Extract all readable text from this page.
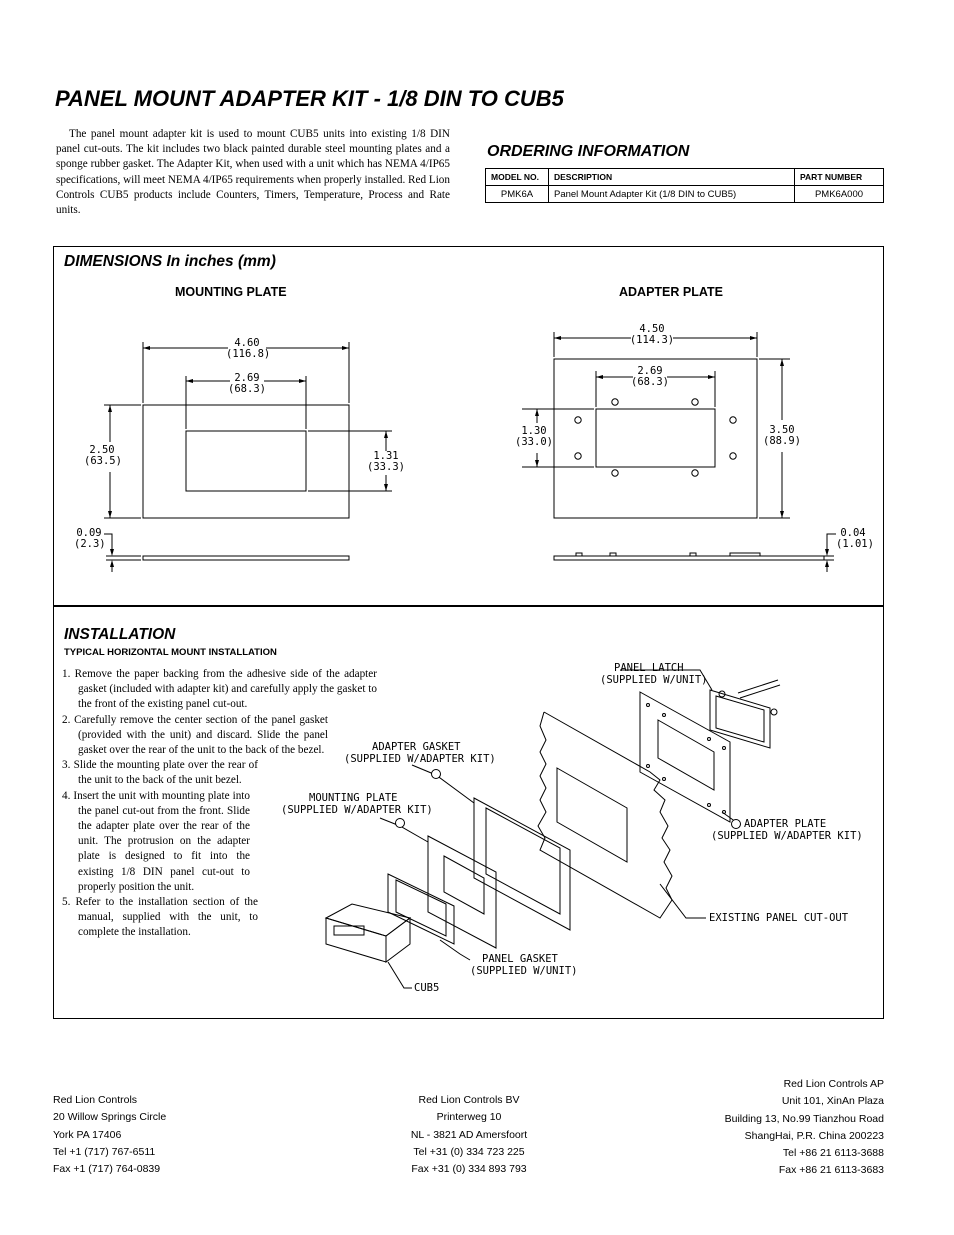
PANEL MOUNT ADAPTER KIT - 1/8 DIN TO CUB5
The panel mount adapter kit is used to mount CUB5 units into existing 1/8 DIN panel cut-outs. The kit includes two black painted durable steel mounting plates and a sponge rubber gasket. The Adapter Kit, when used with a unit which has NEMA 4/IP65 specifications, will meet NEMA 4/IP65 requirements when properly installed. Red Lion Controls CUB5 products include Counters, Timers, Temperature, Process and Rate units.
ORDERING INFORMATION
MODEL NO.	DESCRIPTION	PART NUMBER
PMK6A	Panel Mount Adapter Kit (1/8 DIN to CUB5)	PMK6A000
DIMENSIONS In inches (mm)
MOUNTING PLATE	ADAPTER PLATE
4.60
(116.8)
2.69
(68.3)
2.50
(63.5)	1.31
(33.3)
0.09
(2.3)
4.50
(114.3)
2.69
(68.3)
1.30
(33.0)
3.50
(88.9)
0.04
(1.01)
INSTALLATION
TYPICAL HORIZONTAL MOUNT INSTALLATION
1. Remove the paper backing from the adhesive side of the adapter gasket (included with adapter kit) and carefully apply the gasket to the front of the existing panel cut-out.
2. Carefully remove the center section of the panel gasket (provided with the unit) and discard. Slide the panel gasket over the rear of the unit to the back of the bezel.
3. Slide the mounting plate over the rear of the unit to the back of the unit bezel.
4. Insert the unit with mounting plate into the panel cut-out from the front. Slide the adapter plate over the rear of the unit. The protrusion on the adapter plate is designed to fit into the existing 1/8 DIN panel cut-out to properly position the unit.
5. Refer to the installation section of the manual, supplied with the unit, to complete the installation.
PANEL LATCH
(SUPPLIED W/UNIT)
ADAPTER GASKET
(SUPPLIED W/ADAPTER KIT)
MOUNTING PLATE
(SUPPLIED W/ADAPTER KIT)
ADAPTER PLATE
(SUPPLIED W/ADAPTER KIT)
EXISTING PANEL CUT-OUT
PANEL GASKET
(SUPPLIED W/UNIT)
CUB5
Red Lion Controls
20 Willow Springs Circle
York PA 17406
Tel +1 (717) 767-6511
Fax +1 (717) 764-0839
Red Lion Controls BV
Printerweg 10
NL - 3821 AD Amersfoort
Tel +31 (0) 334 723 225
Fax +31 (0) 334 893 793
Red Lion Controls AP
Unit 101, XinAn Plaza
Building 13, No.99 Tianzhou Road
ShangHai, P.R. China 200223
Tel +86 21 6113-3688
Fax +86 21 6113-3683
